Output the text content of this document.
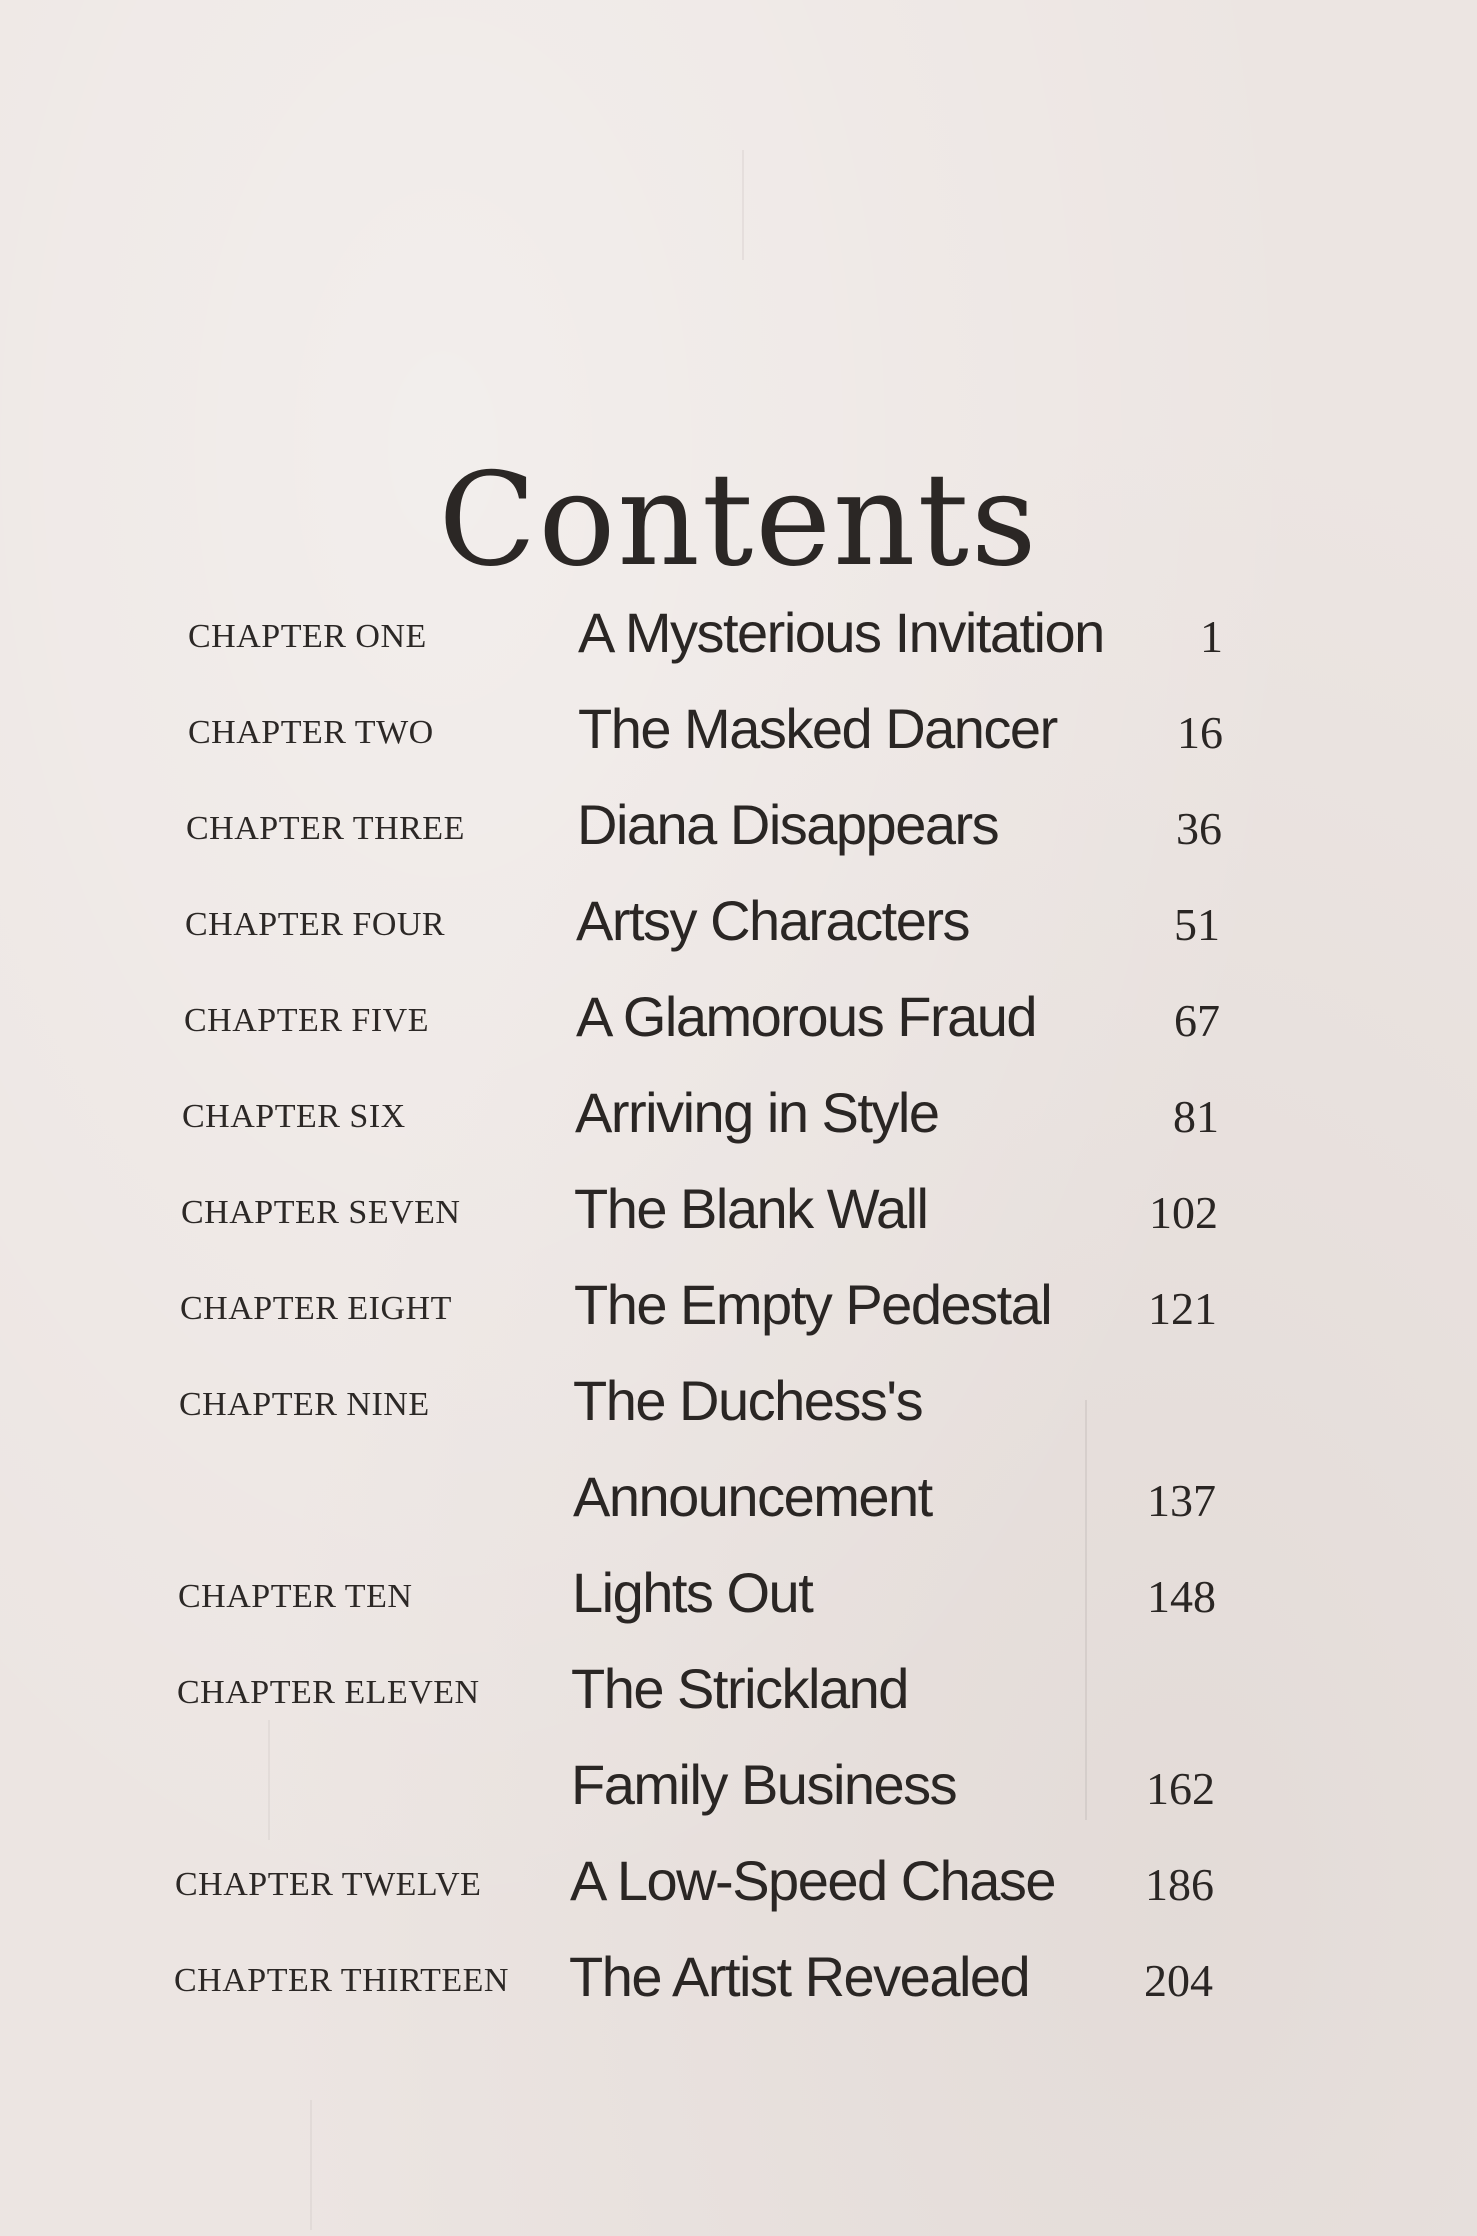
Contents
CHAPTER ONE	A Mysterious Invitation	1
CHAPTER TWO	The Masked Dancer	16
CHAPTER THREE Diana Disappears	36
CHAPTER FOUR Artsy Characters	51
CHAPTER FIVE	A Glamorous Fraud	67
CHAPTER SIX	Arriving in Style	81
CHAPTER SEVEN The Blank Wall	102
CHAPTER EIGHT The Empty Pedestal	121
CHAPTER NINE	The Duchess's
Announcement	137
CHAPTER TEN	Lights Out	148
CHAPTER ELEVEN The Strickland
Family Business	162
CHAPTER TWELVE A Low-Speed Chase	186
CHAPTER THIRTEEN The Artist Revealed	204
